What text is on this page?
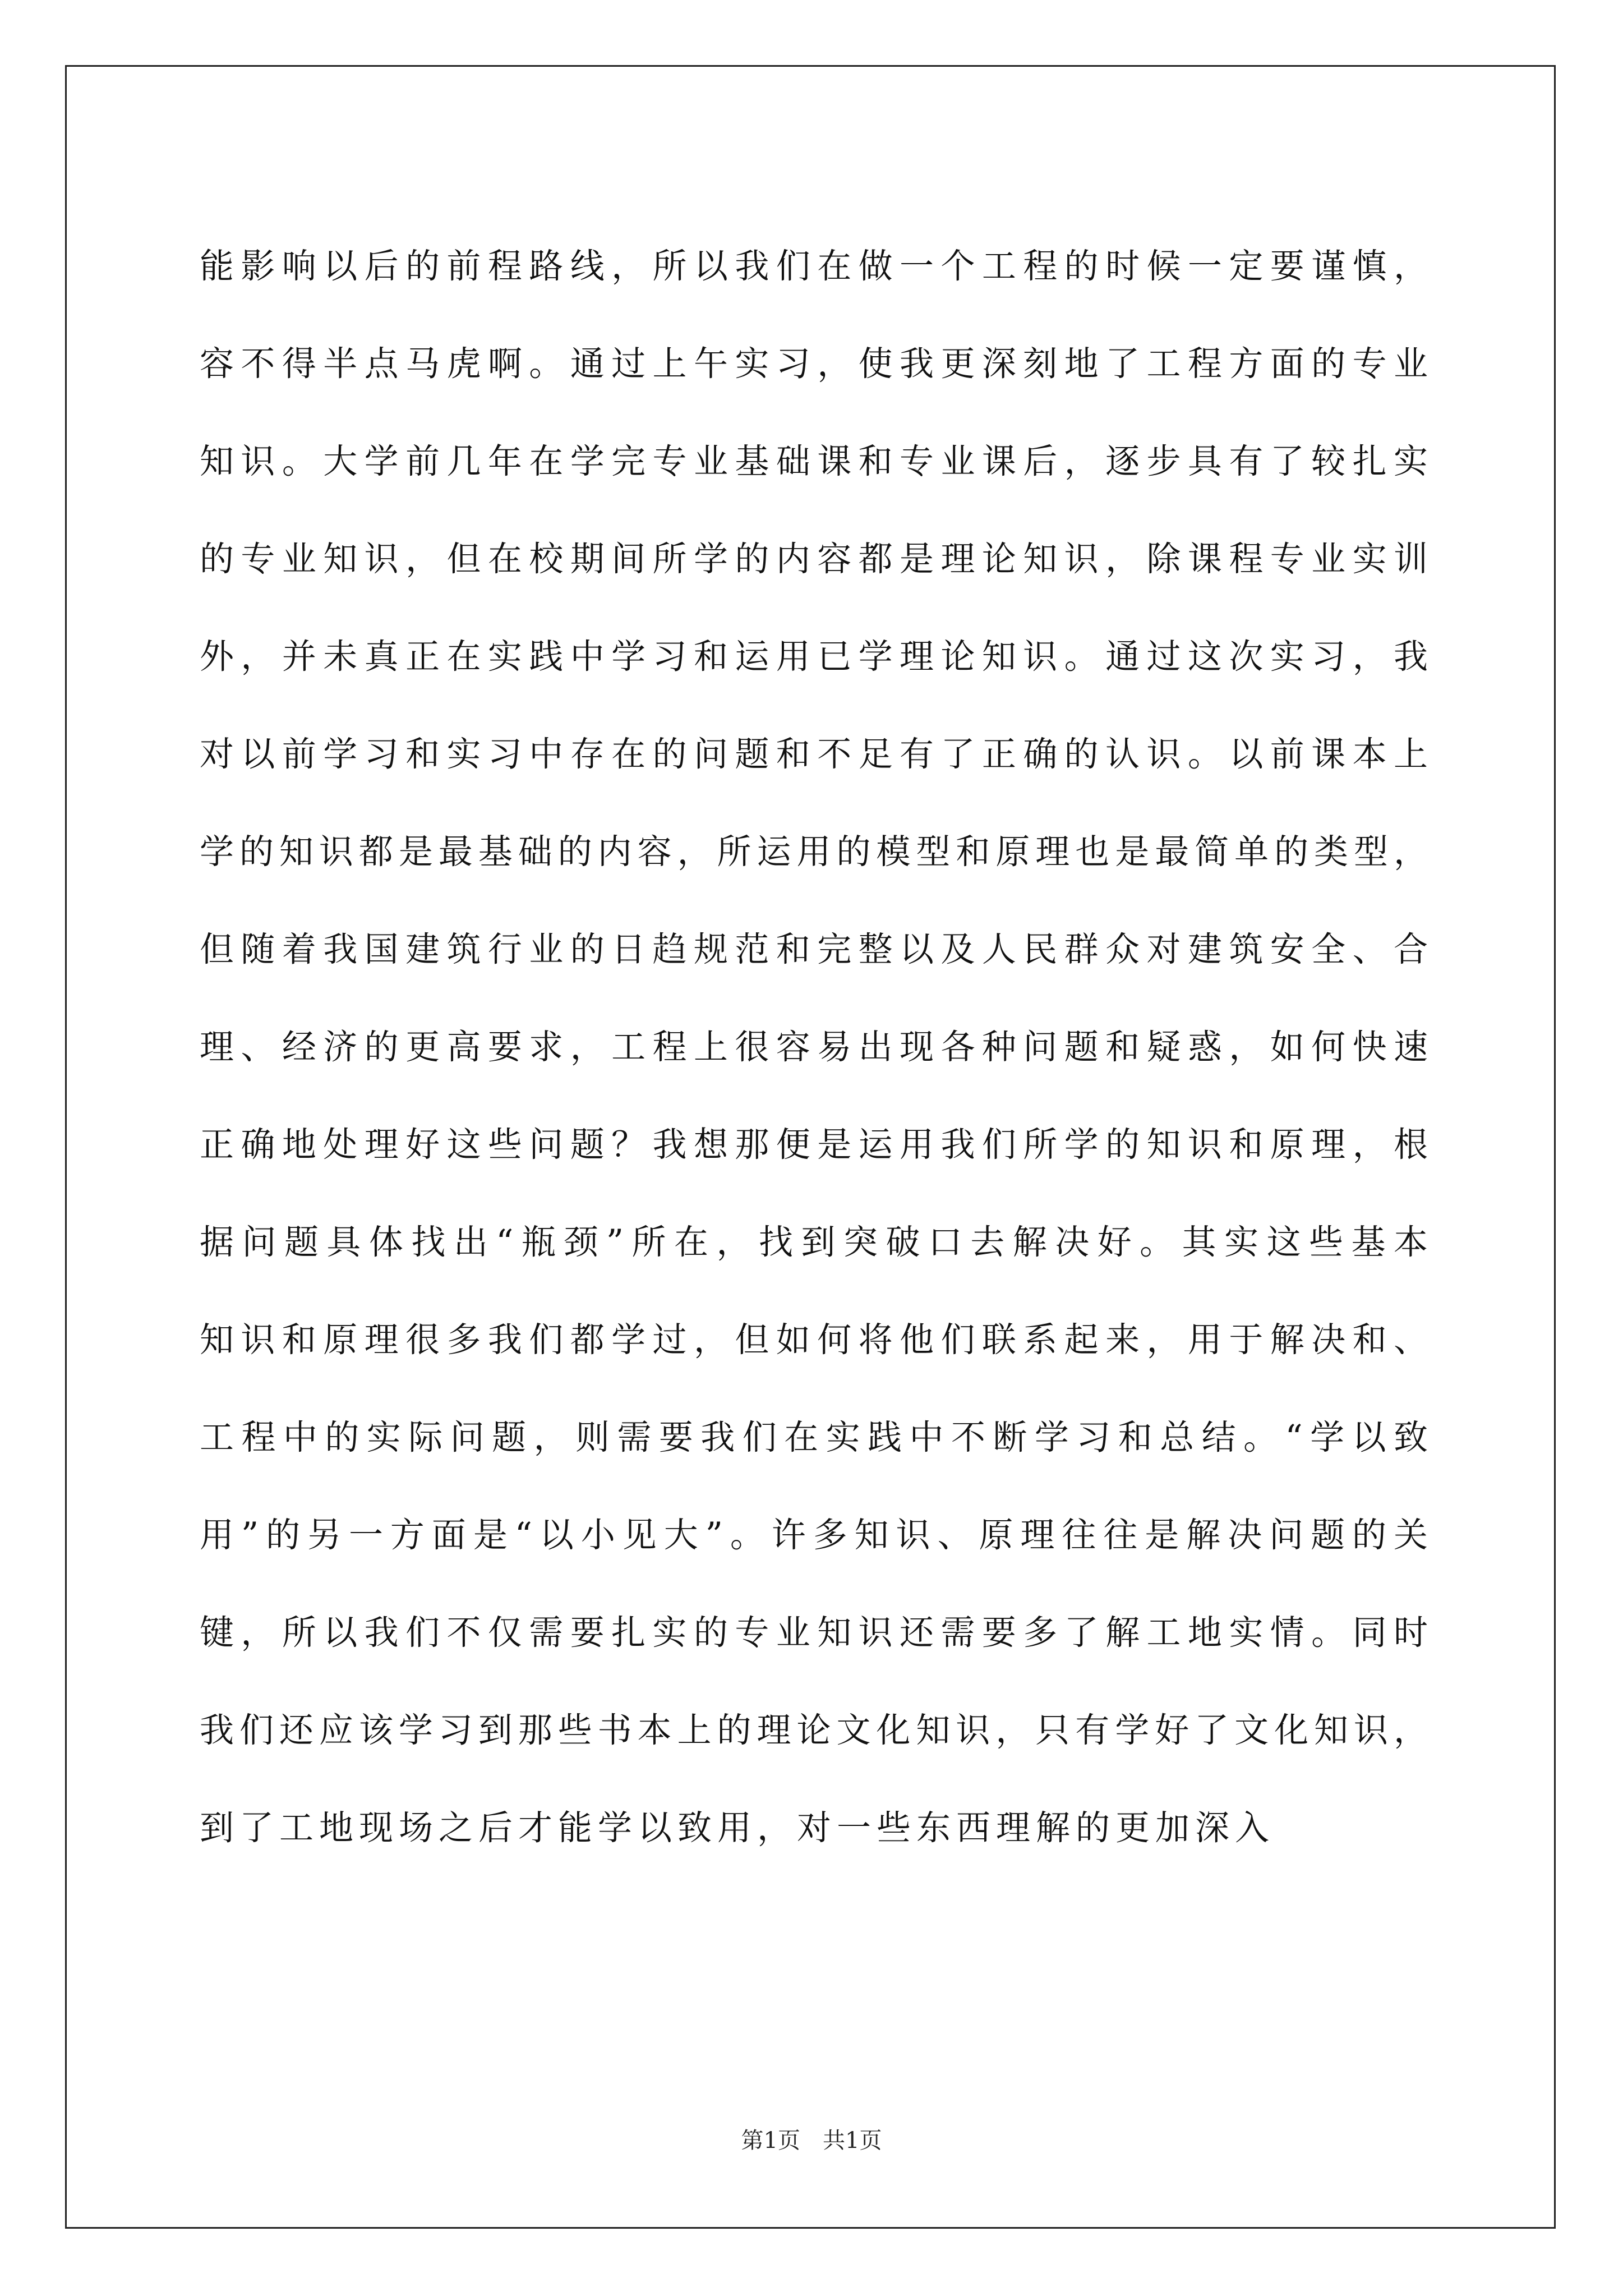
能影响以后的前程路线，所以我们在做一个工程的时候一定要谨慎，
容不得半点马虎啊。通过上午实习，使我更深刻地了工程方面的专业
知识。大学前几年在学完专业基础课和专业课后，逐步具有了较扎实
的专业知识，但在校期间所学的内容都是理论知识，除课程专业实训
外，并未真正在实践中学习和运用已学理论知识。通过这次实习，我
对以前学习和实习中存在的问题和不足有了正确的认识。以前课本上
学的知识都是最基础的内容，所运用的模型和原理也是最简单的类型，
但随着我国建筑行业的日趋规范和完整以及人民群众对建筑安全、合
理、经济的更高要求，工程上很容易出现各种问题和疑惑，如何快速
正确地处理好这些问题？我想那便是运用我们所学的知识和原理，根
据问题具体找出“瓶颈”所在，找到突破口去解决好。其实这些基本
知识和原理很多我们都学过，但如何将他们联系起来，用于解决和、
工程中的实际问题，则需要我们在实践中不断学习和总结。“学以致
用”的另一方面是“以小见大”。许多知识、原理往往是解决问题的关
键，所以我们不仅需要扎实的专业知识还需要多了解工地实情。同时
我们还应该学习到那些书本上的理论文化知识，只有学好了文化知识，
到了工地现场之后才能学以致用，对一些东西理解的更加深入
第1页　共1页
